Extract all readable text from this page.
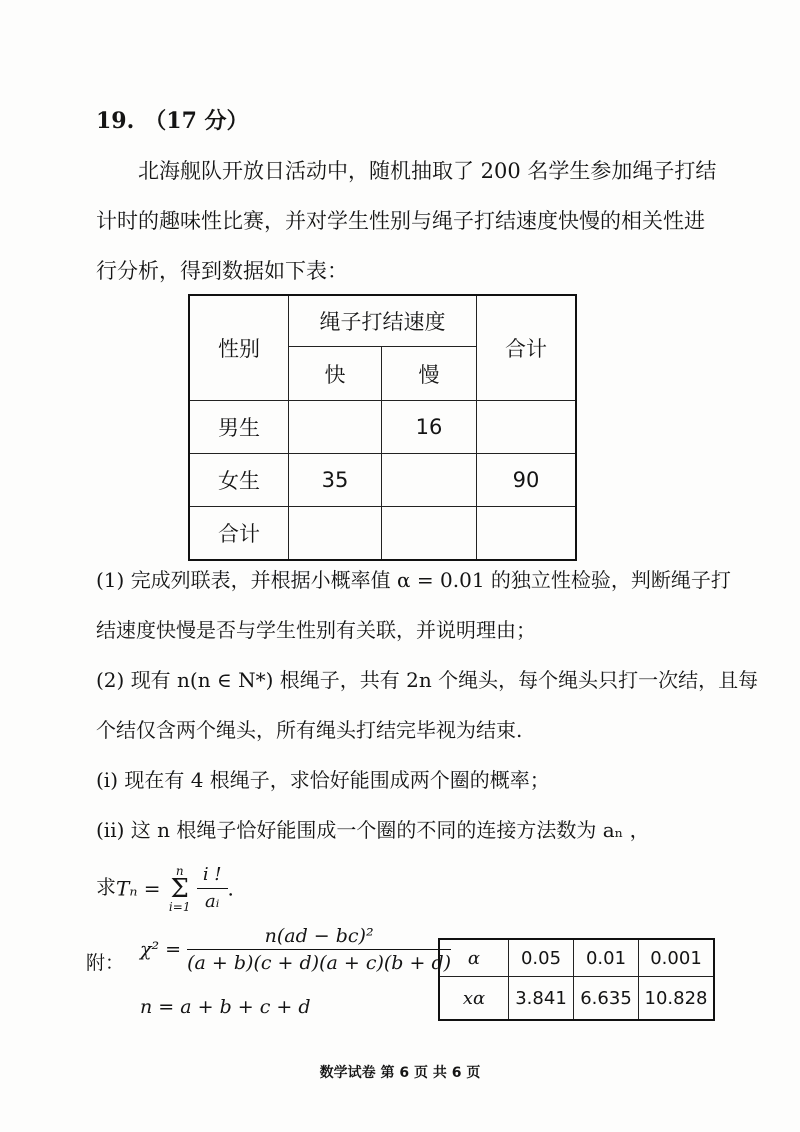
19. （17 分）
北海舰队开放日活动中，随机抽取了 200 名学生参加绳子打结
计时的趣味性比赛，并对学生性别与绳子打结速度快慢的相关性进
行分析，得到数据如下表：
性别	绳子打结速度		合计
	快	慢	
男生		16	
女生	35		90
合计			
(1) 完成列联表，并根据小概率值 α = 0.01 的独立性检验，判断绳子打
结速度快慢是否与学生性别有关联，并说明理由；
(2) 现有 n(n ∈ N*) 根绳子，共有 2n 个绳头，每个绳头只打一次结，且每
个结仅含两个绳头，所有绳头打结完毕视为结束.
(i) 现在有 4 根绳子，求恰好能围成两个圈的概率；
(ii) 这 n 根绳子恰好能围成一个圈的不同的连接方法数为 aₙ ，
求Tₙ =
n
Σ
i=1
$\frac{i !}{\text{aᵢ}}$ .
附：
$\chi^2 = \frac{\text{n(ad − bc)²}}{(a + b)(c + d)(a + c)(b + d)}$
n = a + b + c + d
α	0.05	0.01	0.001
xα	3.841	6.635	10.828
数学试卷 第 6 页 共 6 页
